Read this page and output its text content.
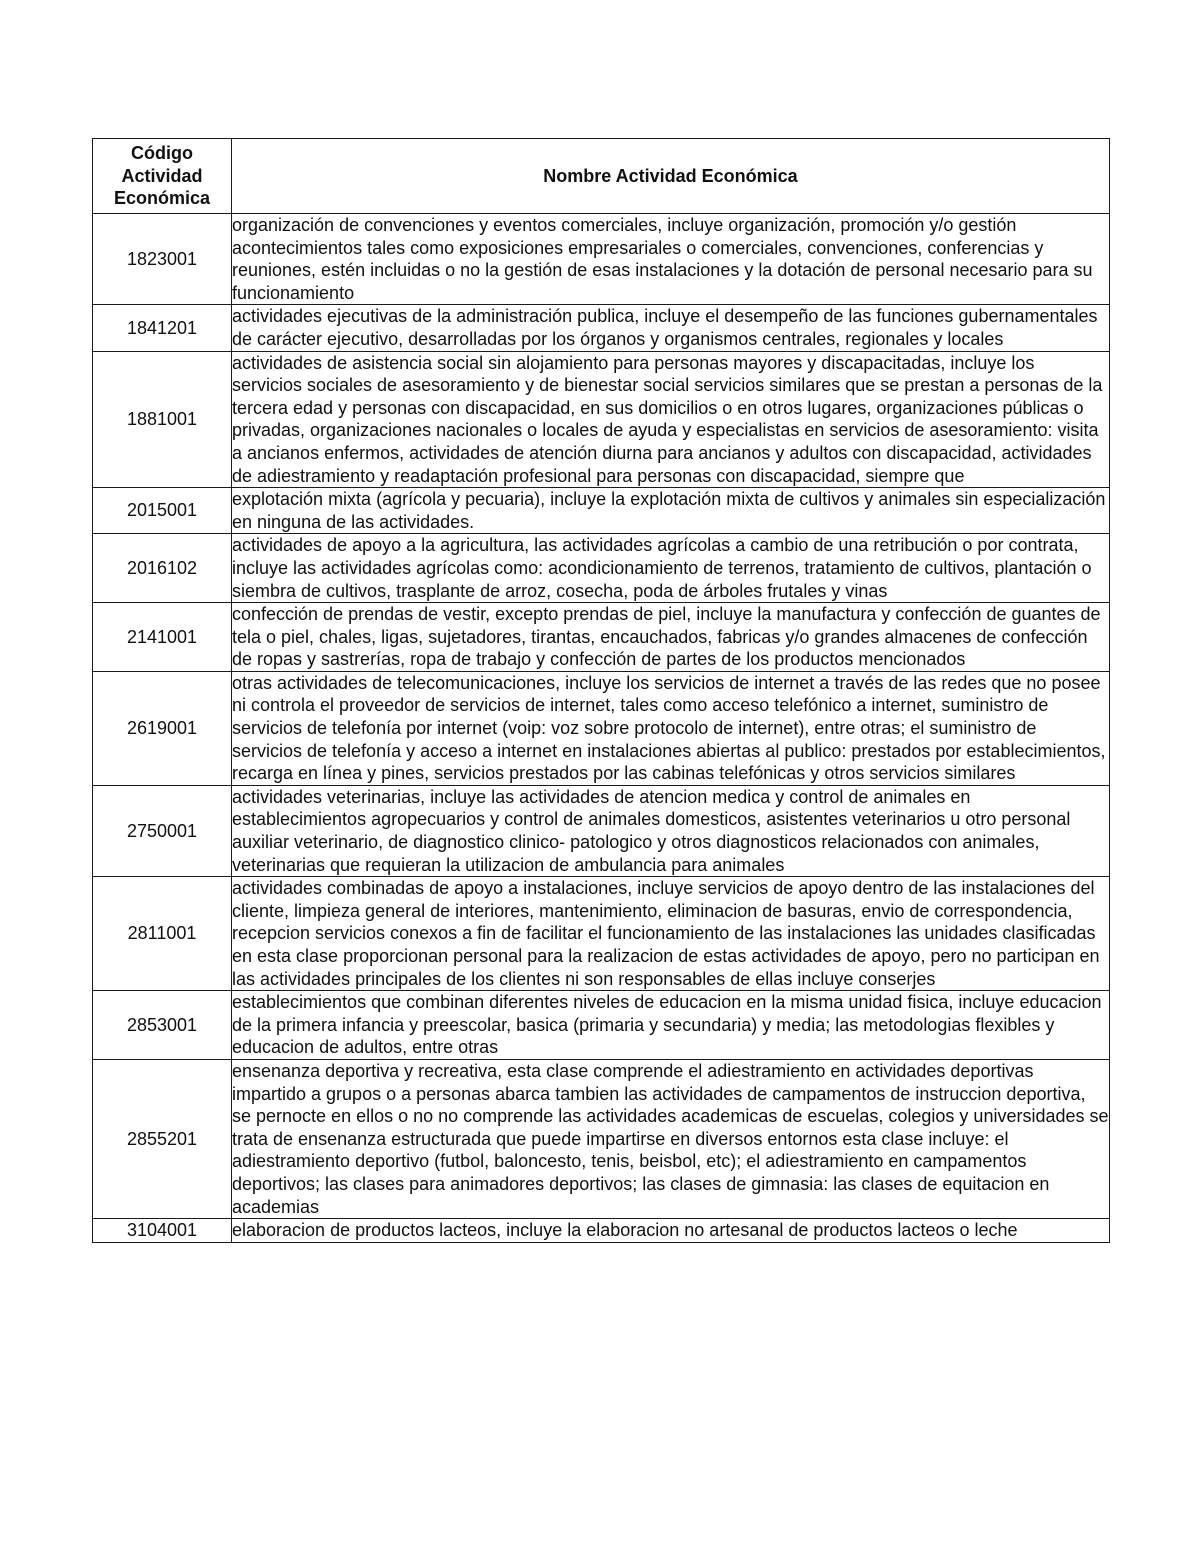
Código
Actividad
Económica	Nombre Actividad Económica
1823001	organización de convenciones y eventos comerciales, incluye organización, promoción y/o gestión acontecimientos tales como exposiciones empresariales o comerciales, convenciones, conferencias y reuniones, estén incluidas o no la gestión de esas instalaciones y la dotación de personal necesario para su funcionamiento
1841201	actividades ejecutivas de la administración publica, incluye el desempeño de las funciones gubernamentales de carácter ejecutivo, desarrolladas por los órganos y organismos centrales, regionales y locales
1881001	actividades de asistencia social sin alojamiento para personas mayores y discapacitadas, incluye los servicios sociales de asesoramiento y de bienestar social servicios similares que se prestan a personas de la tercera edad y personas con discapacidad, en sus domicilios o en otros lugares, organizaciones públicas o privadas, organizaciones nacionales o locales de ayuda y especialistas en servicios de asesoramiento: visita a ancianos enfermos, actividades de atención diurna para ancianos y adultos con discapacidad, actividades de adiestramiento y readaptación profesional para personas con discapacidad, siempre que
2015001	explotación mixta (agrícola y pecuaria), incluye la explotación mixta de cultivos y animales sin especialización en ninguna de las actividades.
2016102	actividades de apoyo a la agricultura, las actividades agrícolas a cambio de una retribución o por contrata, incluye las actividades agrícolas como: acondicionamiento de terrenos, tratamiento de cultivos, plantación o siembra de cultivos, trasplante de arroz, cosecha, poda de árboles frutales y vinas
2141001	confección de prendas de vestir, excepto prendas de piel, incluye la manufactura y confección de guantes de tela o piel, chales, ligas, sujetadores, tirantas, encauchados, fabricas y/o grandes almacenes de confección de ropas y sastrerías, ropa de trabajo y confección de partes de los productos mencionados
2619001	otras actividades de telecomunicaciones, incluye los servicios de internet a través de las redes que no posee ni controla el proveedor de servicios de internet, tales como acceso telefónico a internet, suministro de servicios de telefonía por internet (voip: voz sobre protocolo de internet), entre otras; el suministro de servicios de telefonía y acceso a internet en instalaciones abiertas al publico: prestados por establecimientos, recarga en línea y pines, servicios prestados por las cabinas telefónicas y otros servicios similares
2750001	actividades veterinarias, incluye las actividades de atencion medica y control de animales en establecimientos agropecuarios y control de animales domesticos, asistentes veterinarios u otro personal auxiliar veterinario, de diagnostico clinico- patologico y otros diagnosticos relacionados con animales, veterinarias que requieran la utilizacion de ambulancia para animales
2811001	actividades combinadas de apoyo a instalaciones, incluye servicios de apoyo dentro de las instalaciones del cliente, limpieza general de interiores, mantenimiento, eliminacion de basuras, envio de correspondencia, recepcion servicios conexos a fin de facilitar el funcionamiento de las instalaciones las unidades clasificadas en esta clase proporcionan personal para la realizacion de estas actividades de apoyo, pero no participan en las actividades principales de los clientes ni son responsables de ellas incluye conserjes
2853001	establecimientos que combinan diferentes niveles de educacion en la misma unidad fisica, incluye educacion de la primera infancia y preescolar, basica (primaria y secundaria) y media; las metodologias flexibles y educacion de adultos, entre otras
2855201	ensenanza deportiva y recreativa, esta clase comprende el adiestramiento en actividades deportivas impartido a grupos o a personas abarca tambien las actividades de campamentos de instruccion deportiva, se pernocte en ellos o no no comprende las actividades academicas de escuelas, colegios y universidades se trata de ensenanza estructurada que puede impartirse en diversos entornos esta clase incluye: el adiestramiento deportivo (futbol, baloncesto, tenis, beisbol, etc); el adiestramiento en campamentos deportivos; las clases para animadores deportivos; las clases de gimnasia: las clases de equitacion en academias
3104001	elaboracion de productos lacteos, incluye la elaboracion no artesanal de productos lacteos o leche
